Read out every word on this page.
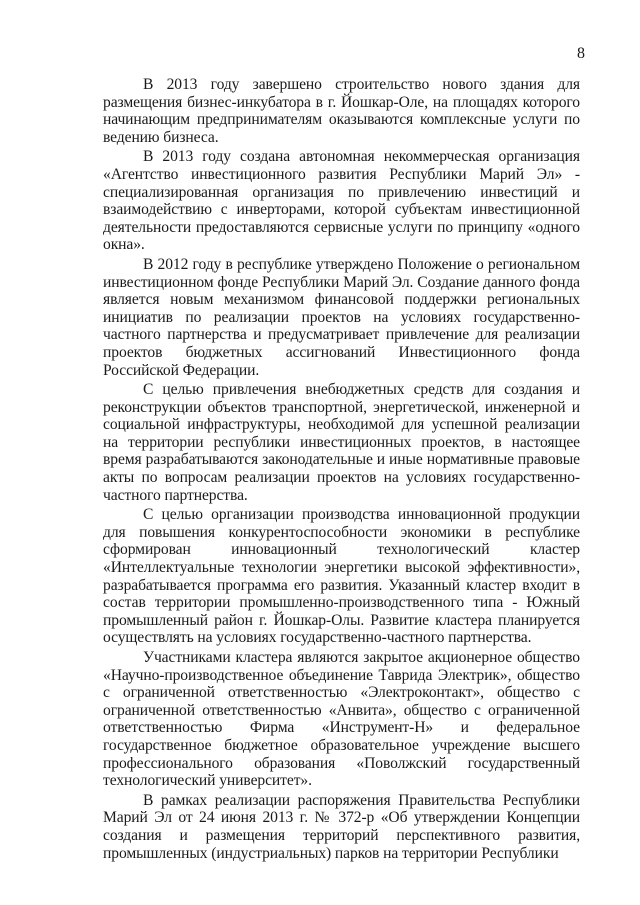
8

В 2013 году завершено строительство нового здания для размещения бизнес-инкубатора в г. Йошкар-Оле, на площадях которого начинающим предпринимателям оказываются комплексные услуги по ведению бизнеса.

В 2013 году создана автономная некоммерческая организация «Агентство инвестиционного развития Республики Марий Эл» - специализированная организация по привлечению инвестиций и взаимодействию с инверторами, которой субъектам инвестиционной деятельности предоставляются сервисные услуги по принципу «одного окна».

В 2012 году в республике утверждено Положение о региональном инвестиционном фонде Республики Марий Эл. Создание данного фонда является новым механизмом финансовой поддержки региональных инициатив по реализации проектов на условиях государственно-частного партнерства и предусматривает привлечение для реализации проектов бюджетных ассигнований Инвестиционного фонда Российской Федерации.

С целью привлечения внебюджетных средств для создания и реконструкции объектов транспортной, энергетической, инженерной и социальной инфраструктуры, необходимой для успешной реализации на территории республики инвестиционных проектов, в настоящее время разрабатываются законодательные и иные нормативные правовые акты по вопросам реализации проектов на условиях государственно-частного партнерства.

С целью организации производства инновационной продукции для повышения конкурентоспособности экономики в республике сформирован инновационный технологический кластер «Интеллектуальные технологии энергетики высокой эффективности», разрабатывается программа его развития. Указанный кластер входит в состав территории промышленно-производственного типа - Южный промышленный район г. Йошкар-Олы. Развитие кластера планируется осуществлять на условиях государственно-частного партнерства.

Участниками кластера являются закрытое акционерное общество «Научно-производственное объединение Таврида Электрик», общество с ограниченной ответственностью «Электроконтакт», общество с ограниченной ответственностью «Анвита», общество с ограниченной ответственностью Фирма «Инструмент-Н» и федеральное государственное бюджетное образовательное учреждение высшего профессионального образования «Поволжский государственный технологический университет».

В рамках реализации распоряжения Правительства Республики Марий Эл от 24 июня 2013 г. № 372-р «Об утверждении Концепции создания и размещения территорий перспективного развития, промышленных (индустриальных) парков на территории Республики
